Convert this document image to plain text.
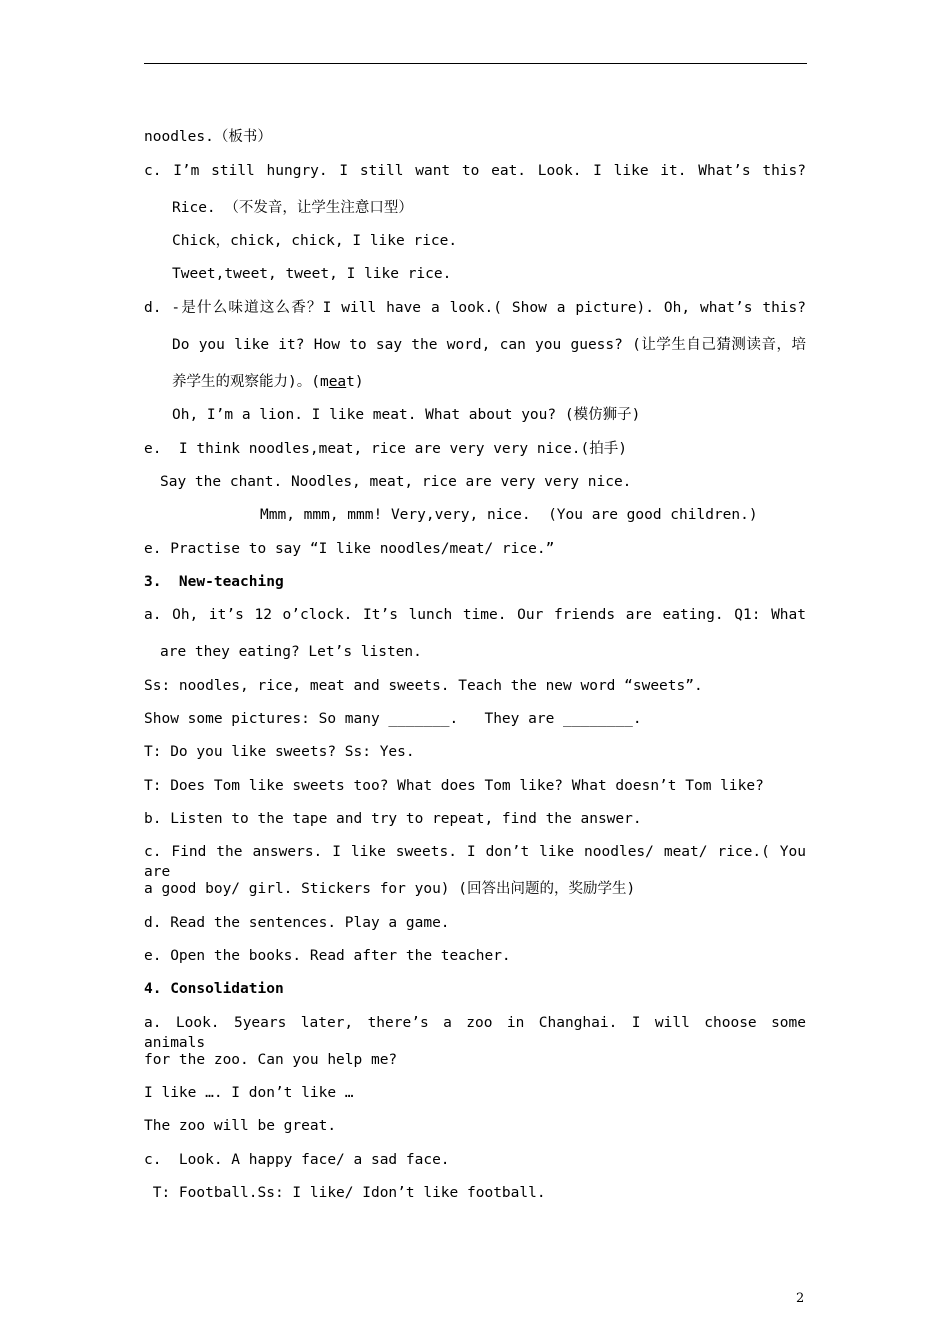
noodles.（板书）
c. I’m still hungry. I still want to eat. Look. I like it. What’s this?
Rice. （不发音，让学生注意口型）
Chick，chick, chick, I like rice.
Tweet,tweet, tweet, I like rice.
d. -是什么味道这么香？I will have a look.( Show a picture). Oh, what’s this?
Do you like it? How to say the word, can you guess? (让学生自己猜测读音，培
养学生的观察能力)。(meat)
Oh, I’m a lion. I like meat. What about you? (模仿狮子)
e.  I think noodles,meat, rice are very very nice.(拍手)
Say the chant. Noodles, meat, rice are very very nice.
Mmm, mmm, mmm! Very,very, nice.  (You are good children.)
e. Practise to say “I like noodles/meat/ rice.”
3.  New-teaching
a. Oh, it’s 12 o’clock. It’s lunch time. Our friends are eating. Q1: What
are they eating? Let’s listen.
Ss: noodles, rice, meat and sweets. Teach the new word “sweets”.
Show some pictures: So many _______.   They are ________.
T: Do you like sweets? Ss: Yes.
T: Does Tom like sweets too? What does Tom like? What doesn’t Tom like?
b. Listen to the tape and try to repeat, find the answer.
c. Find the answers. I like sweets. I don’t like noodles/ meat/ rice.( You are
a good boy/ girl. Stickers for you) (回答出问题的，奖励学生)
d. Read the sentences. Play a game.
e. Open the books. Read after the teacher.
4. Consolidation
a. Look. 5years later, there’s a zoo in Changhai. I will choose some animals
for the zoo. Can you help me?
I like …. I don’t like …
The zoo will be great.
c.  Look. A happy face/ a sad face.
T: Football.Ss: I like/ Idon’t like football.
2
